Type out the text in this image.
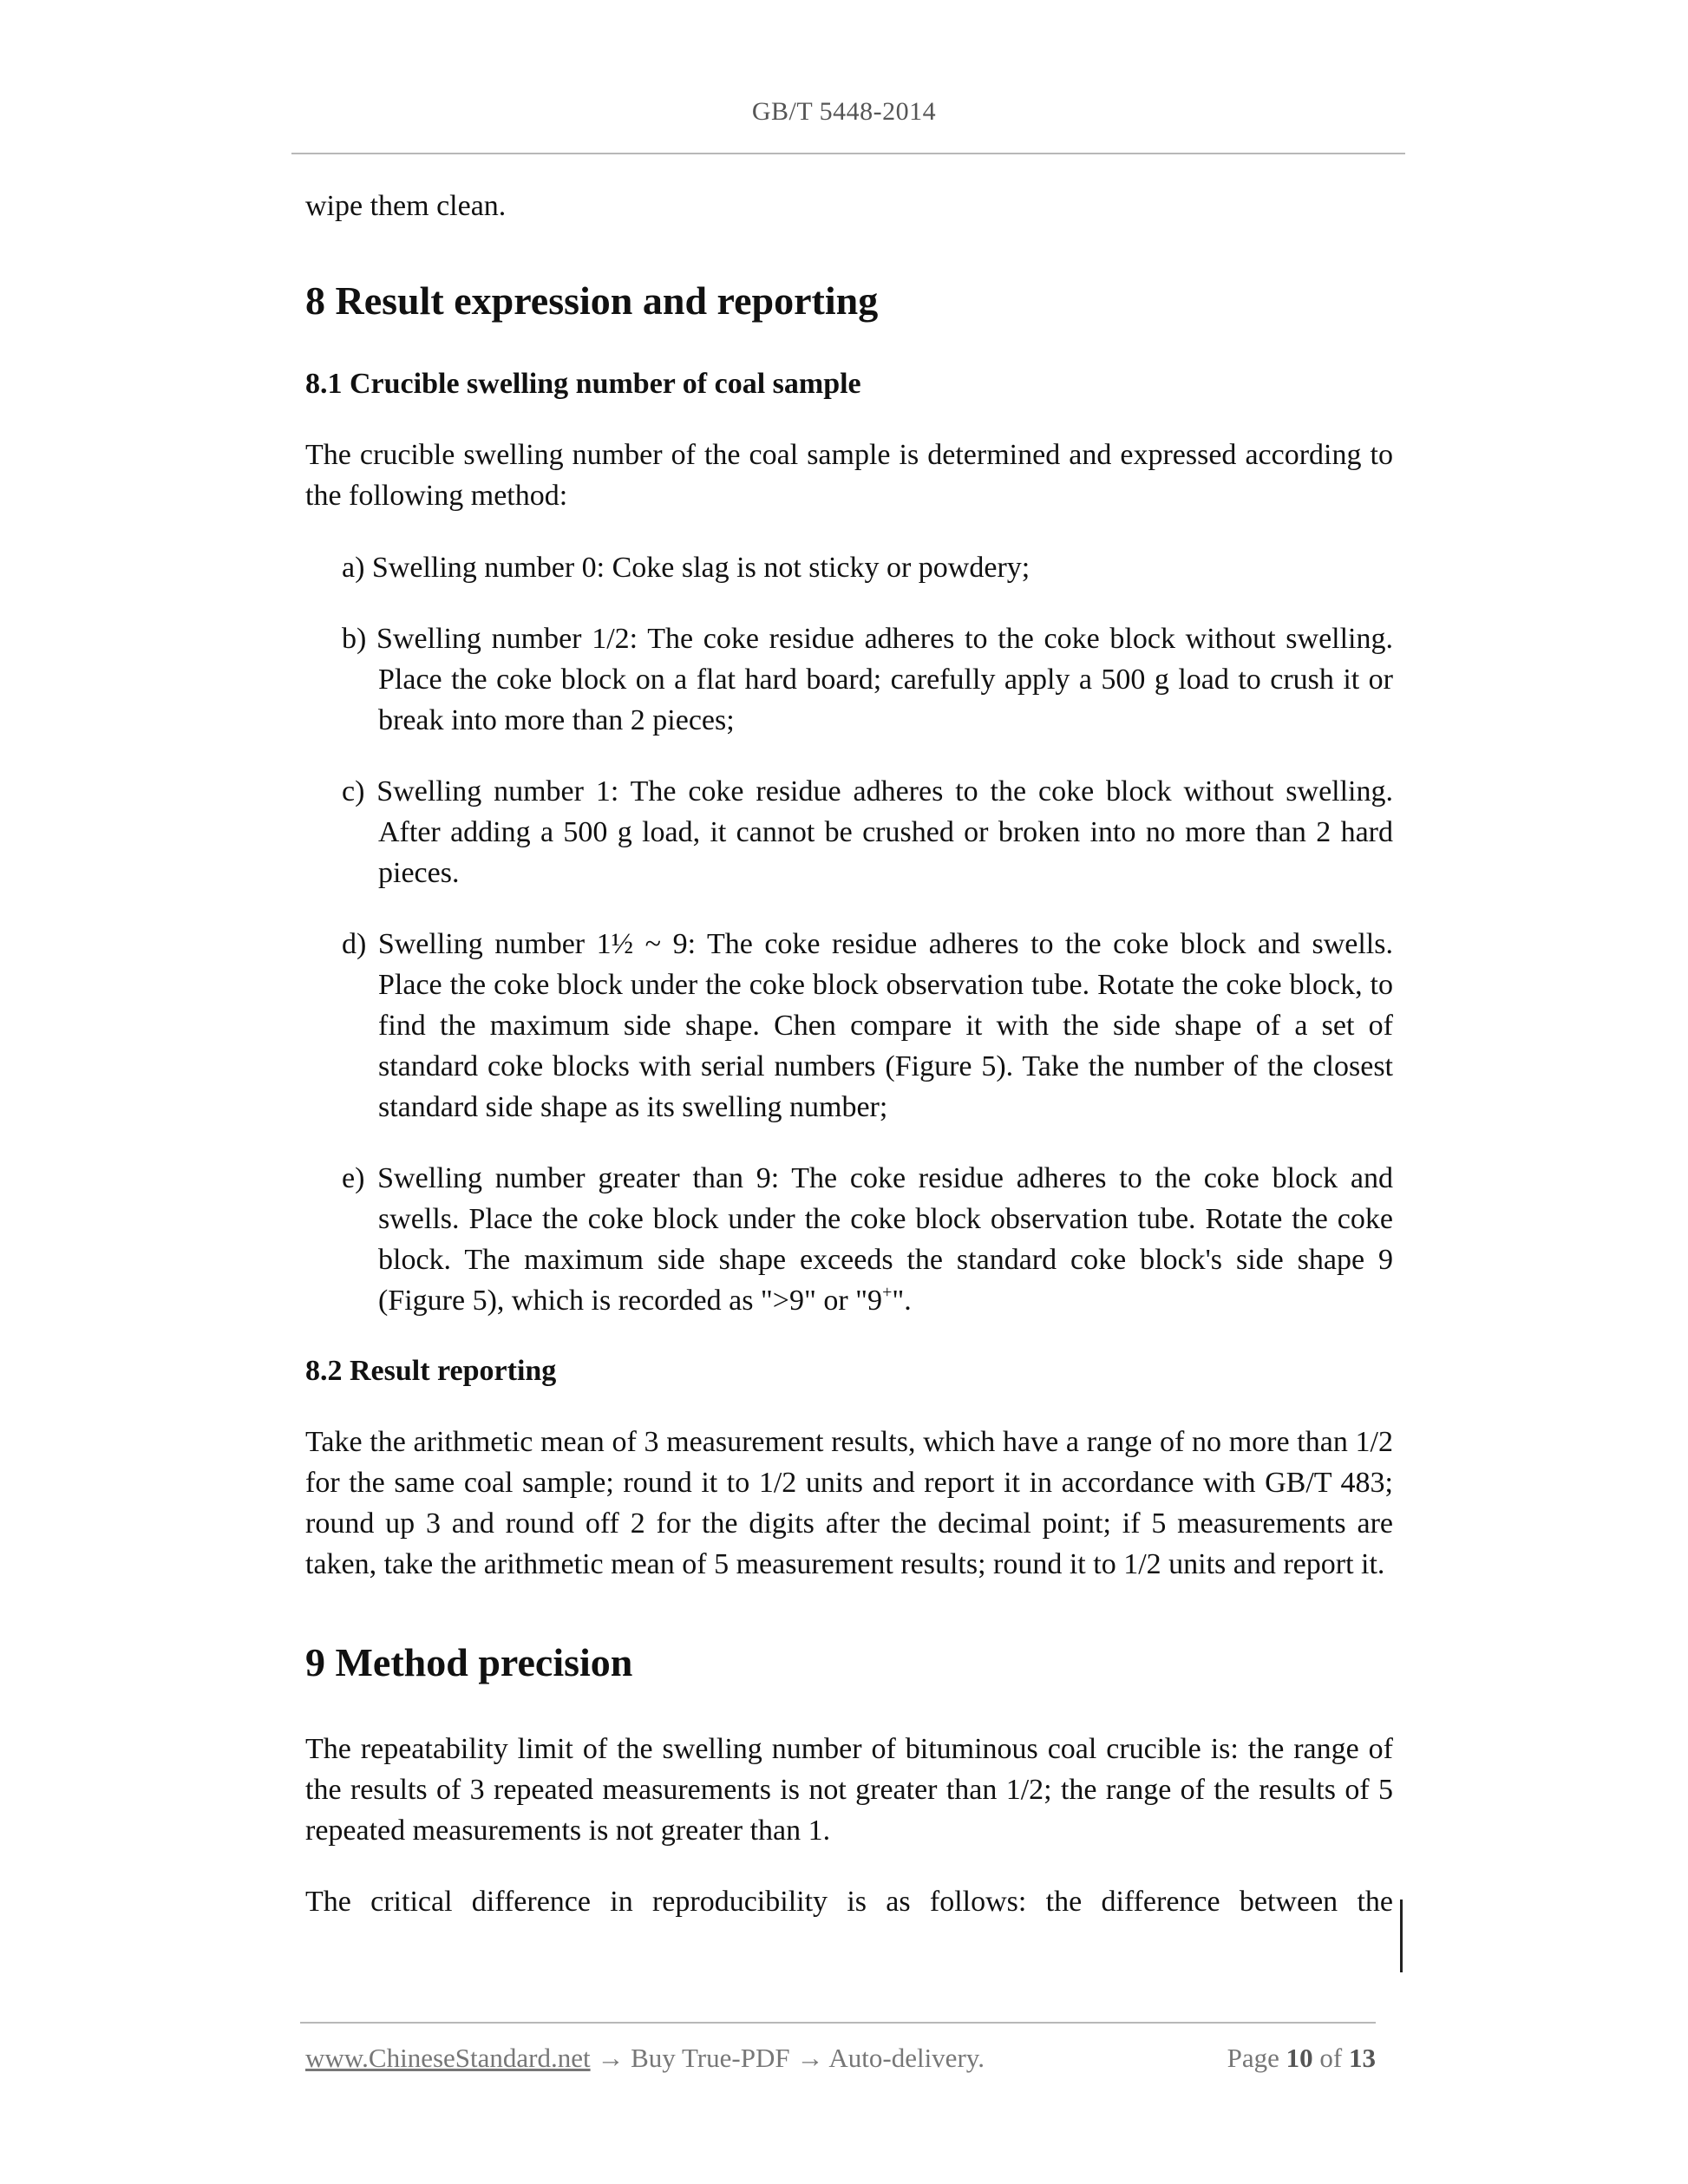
GB/T 5448-2014

wipe them clean.

8 Result expression and reporting
8.1 Crucible swelling number of coal sample

The crucible swelling number of the coal sample is determined and expressed according to the following method:

a) Swelling number 0: Coke slag is not sticky or powdery;
b) Swelling number 1/2: The coke residue adheres to the coke block without swelling. Place the coke block on a flat hard board; carefully apply a 500 g load to crush it or break into more than 2 pieces;
c) Swelling number 1: The coke residue adheres to the coke block without swelling. After adding a 500 g load, it cannot be crushed or broken into no more than 2 hard pieces.
d) Swelling number 1½ ~ 9: The coke residue adheres to the coke block and swells. Place the coke block under the coke block observation tube. Rotate the coke block, to find the maximum side shape. Chen compare it with the side shape of a set of standard coke blocks with serial numbers (Figure 5). Take the number of the closest standard side shape as its swelling number;
e) Swelling number greater than 9: The coke residue adheres to the coke block and swells. Place the coke block under the coke block observation tube. Rotate the coke block. The maximum side shape exceeds the standard coke block's side shape 9 (Figure 5), which is recorded as ">9" or "9+".
8.2 Result reporting

Take the arithmetic mean of 3 measurement results, which have a range of no more than 1/2 for the same coal sample; round it to 1/2 units and report it in accordance with GB/T 483; round up 3 and round off 2 for the digits after the decimal point; if 5 measurements are taken, take the arithmetic mean of 5 measurement results; round it to 1/2 units and report it.

9 Method precision

The repeatability limit of the swelling number of bituminous coal crucible is: the range of the results of 3 repeated measurements is not greater than 1/2; the range of the results of 5 repeated measurements is not greater than 1.

The critical difference in reproducibility is as follows: the difference between the

www.ChineseStandard.net → Buy True-PDF → Auto-delivery.	Page 10 of 13
